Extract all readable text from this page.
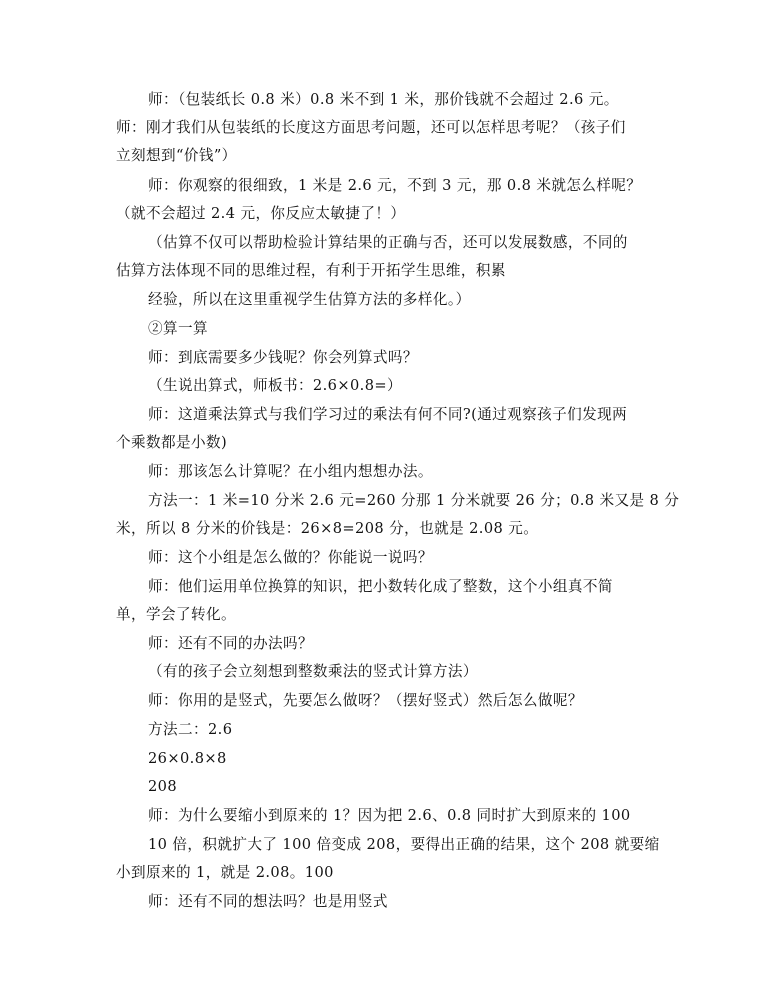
师：（包装纸长 0.8 米）0.8 米不到 1 米，那价钱就不会超过 2.6 元。
师：刚才我们从包装纸的长度这方面思考问题，还可以怎样思考呢？（孩子们
立刻想到“价钱”）
师：你观察的很细致，1 米是 2.6 元，不到 3 元，那 0.8 米就怎么样呢？
（就不会超过 2.4 元，你反应太敏捷了！）
（估算不仅可以帮助检验计算结果的正确与否，还可以发展数感，不同的
估算方法体现不同的思维过程，有利于开拓学生思维，积累
经验，所以在这里重视学生估算方法的多样化。）
②算一算
师：到底需要多少钱呢？你会列算式吗？
（生说出算式，师板书：2.6×0.8=）
师：这道乘法算式与我们学习过的乘法有何不同?(通过观察孩子们发现两
个乘数都是小数)
师：那该怎么计算呢？在小组内想想办法。
方法一：1 米=10 分米 2.6 元=260 分那 1 分米就要 26 分；0.8 米又是 8 分
米，所以 8 分米的价钱是：26×8=208 分，也就是 2.08 元。
师：这个小组是怎么做的？你能说一说吗？
师：他们运用单位换算的知识，把小数转化成了整数，这个小组真不简
单，学会了转化。
师：还有不同的办法吗？
（有的孩子会立刻想到整数乘法的竖式计算方法）
师：你用的是竖式，先要怎么做呀？（摆好竖式）然后怎么做呢？
方法二：2.6
26×0.8×8
208
师：为什么要缩小到原来的 1？因为把 2.6、0.8 同时扩大到原来的 100
10 倍，积就扩大了 100 倍变成 208，要得出正确的结果，这个 208 就要缩
小到原来的 1，就是 2.08。100
师：还有不同的想法吗？也是用竖式
